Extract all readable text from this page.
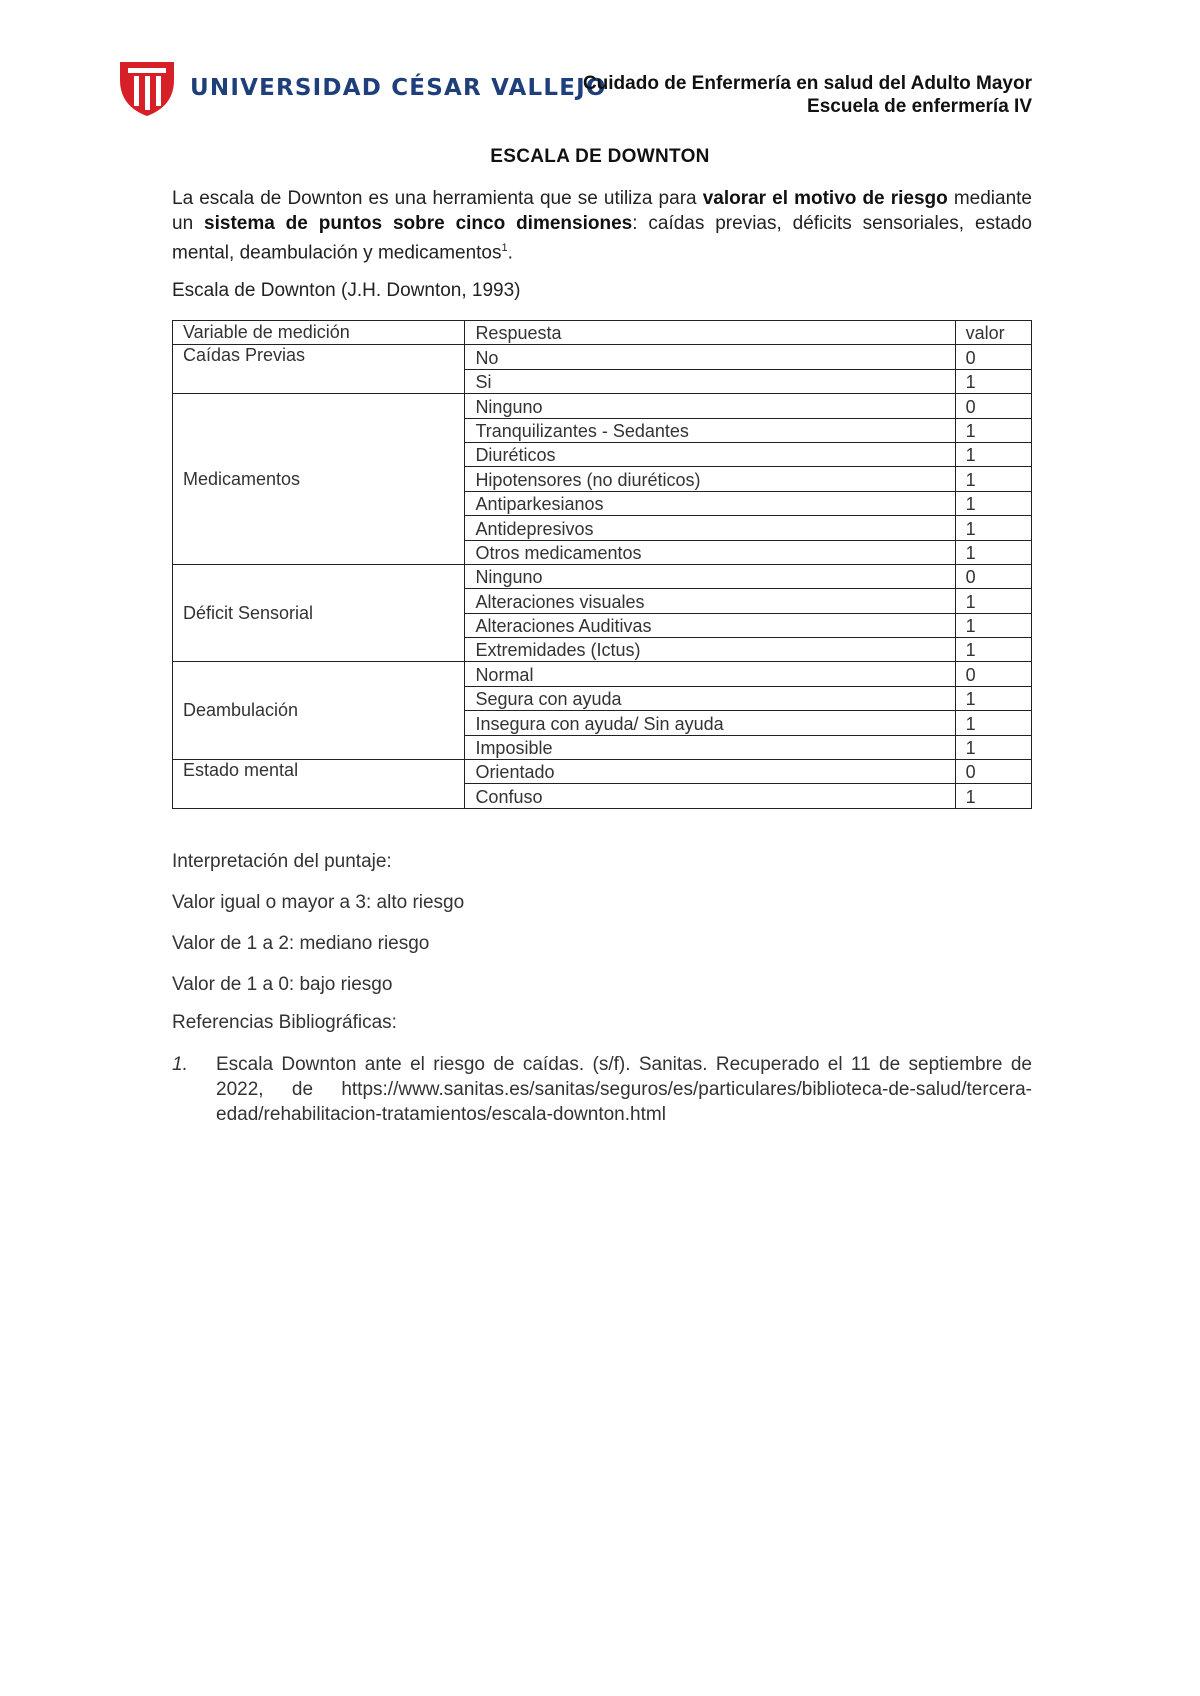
UNIVERSIDAD CÉSAR VALLEJO
Cuidado de Enfermería en salud del Adulto Mayor
Escuela de enfermería IV
ESCALA DE DOWNTON
La escala de Downton es una herramienta que se utiliza para valorar el motivo de riesgo mediante un sistema de puntos sobre cinco dimensiones: caídas previas, déficits sensoriales, estado mental, deambulación y medicamentos$^1$.
Escala de Downton (J.H. Downton, 1993)
Variable de medición	Respuesta	valor
Caídas Previas	No	0
	Si	1
Medicamentos	Ninguno	0
	Tranquilizantes - Sedantes	1
	Diuréticos	1
	Hipotensores (no diuréticos)	1
	Antiparkesianos	1
	Antidepresivos	1
	Otros medicamentos	1
Déficit Sensorial	Ninguno	0
	Alteraciones visuales	1
	Alteraciones Auditivas	1
	Extremidades (Ictus)	1
Deambulación	Normal	0
	Segura con ayuda	1
	Insegura con ayuda/ Sin ayuda	1
	Imposible	1
Estado mental	Orientado	0
	Confuso	1

Interpretación del puntaje:

Valor igual o mayor a 3: alto riesgo

Valor de 1 a 2: mediano riesgo

Valor de 1 a 0: bajo riesgo

Referencias Bibliográficas:
1.	Escala Downton ante el riesgo de caídas. (s/f). Sanitas. Recuperado el 11 de septiembre de 2022, de https://www.sanitas.es/sanitas/seguros/es/particulares/biblioteca-de-salud/tercera-edad/rehabilitacion-tratamientos/escala-downton.html
